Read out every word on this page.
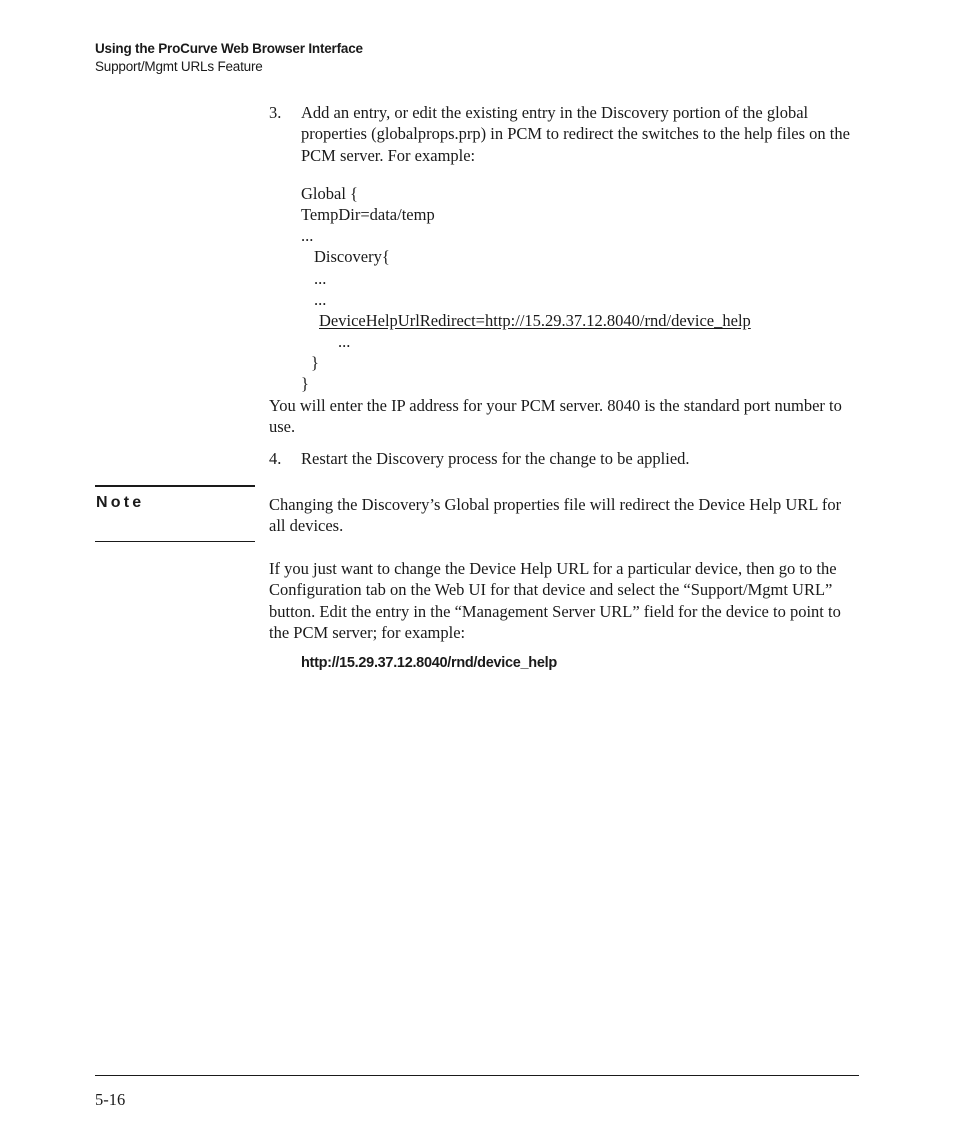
Using the ProCurve Web Browser Interface
Support/Mgmt URLs Feature
3. Add an entry, or edit the existing entry in the Discovery portion of the global properties (globalprops.prp) in PCM to redirect the switches to the help files on the PCM server. For example:
Global {
TempDir=data/temp
...
Discovery{
...
...
DeviceHelpUrlRedirect=http://15.29.37.12.8040/rnd/device_help
...
}
}
You will enter the IP address for your PCM server. 8040 is the standard port number to use.
4. Restart the Discovery process for the change to be applied.
Note	Changing the Discovery’s Global properties file will redirect the Device Help URL for all devices.
If you just want to change the Device Help URL for a particular device, then go to the Configuration tab on the Web UI for that device and select the “Support/Mgmt URL” button. Edit the entry in the “Management Server URL” field for the device to point to the PCM server; for example:
http://15.29.37.12.8040/rnd/device_help
5-16
